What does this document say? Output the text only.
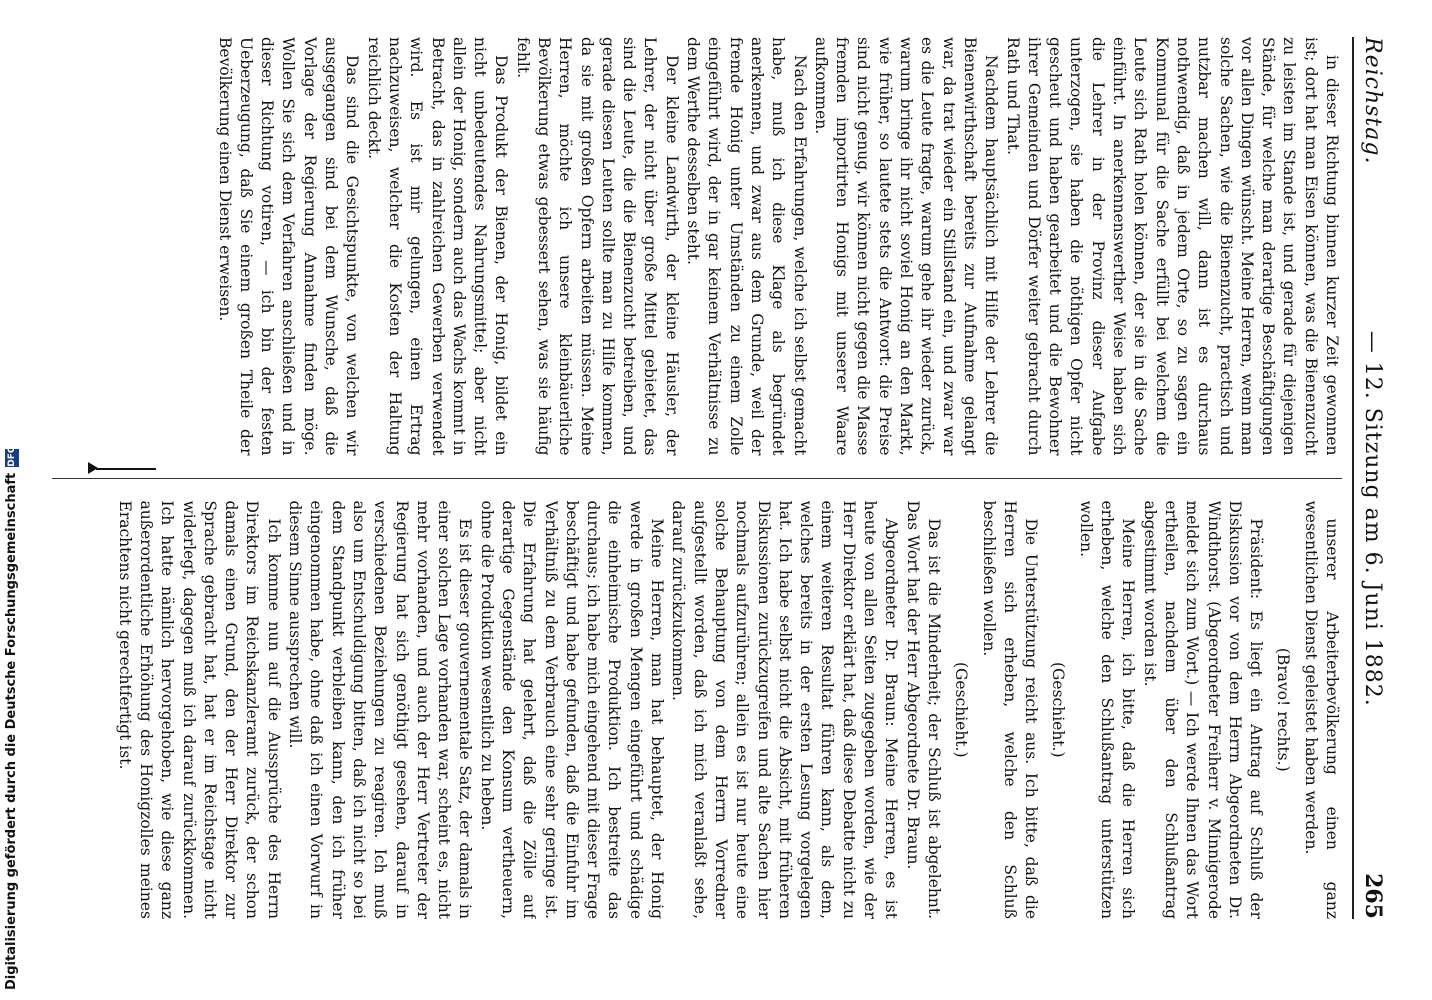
Reichstag.
— 12. Sitzung am 6. Juni 1882.
265

in dieser Richtung binnen kurzer Zeit gewonnen ist; dort hat man Eisen können, was die Bienenzucht zu leisten im Stande ist, und gerade für diejenigen Stände, für welche man derartige Beschäftigungen vor allen Dingen wünscht. Meine Herren, wenn man solche Sachen, wie die Bienenzucht, practisch und nutzbar machen will, dann ist es durchaus nothwendig, daß in jedem Orte, so zu sagen ein Kommunal für die Sache erfüllt bei welchem die Leute sich Rath holen können, der sie in die Sache einführt. In anerkennenswerther Weise haben sich die Lehrer in der Provinz dieser Aufgabe unterzogen, sie haben die nöthigen Opfer nicht gescheut und haben gearbeitet und die Bewohner ihrer Gemeinden und Dörfer weiter gebracht durch Rath und That.

Nachdem hauptsächlich mit Hilfe der Lehrer die Bienenwirthschaft bereits zur Aufnahme gelangt war, da trat wieder ein Stillstand ein, und zwar war es die Leute fragte, warum gehe ihr wieder zurück, warum bringe ihr nicht soviel Honig an den Markt, wie früher, so lautete stets die Antwort: die Preise sind nicht genug, wir können nicht gegen die Masse fremden importirten Honigs mit unserer Waare aufkommen.

Nach den Erfahrungen, welche ich selbst gemacht habe, muß ich diese Klage als begründet anerkennen, und zwar aus dem Grunde, weil der fremde Honig unter Umständen zu einem Zolle eingeführt wird, der in gar keinem Verhältnisse zu dem Werthe desselben steht.

Der kleine Landwirth, der kleine Häusler, der Lehrer, der nicht über große Mittel gebietet, das sind die Leute, die die Bienenzucht betreiben, und gerade diesen Leuten sollte man zu Hilfe kommen, da sie mit großen Opfern arbeiten müssen. Meine Herren, möchte ich unsere kleinbäuerliche Bevölkerung etwas gebessert sehen, was sie häufig fehlt.

Das Produkt der Bienen, der Honig, bildet ein nicht unbedeutendes Nahrungsmittel; aber nicht allein der Honig, sondern auch das Wachs kommt in Betracht, das in zahlreichen Gewerben verwendet wird. Es ist mir gelungen, einen Ertrag nachzuweisen, welcher die Kosten der Haltung reichlich deckt.

Das sind die Gesichtspunkte, von welchen wir ausgegangen sind bei dem Wunsche, daß die Vorlage der Regierung Annahme finden möge. Wollen Sie sich dem Verfahren anschließen und in dieser Richtung votiren, — ich bin der festen Ueberzeugung, daß Sie einem großen Theile der Bevölkerung einen Dienst erweisen.

unserer Arbeiterbevölkerung einen ganz wesentlichen Dienst geleistet haben werden.

(Bravo! rechts.)

Präsident: Es liegt ein Antrag auf Schluß der Diskussion vor von dem Herrn Abgeordneten Dr. Windthorst. (Abgeordneter Freiherr v. Minnigerode meldet sich zum Wort.) — Ich werde Ihnen das Wort ertheilen, nachdem über den Schlußantrag abgestimmt worden ist.

Meine Herren, ich bitte, daß die Herren sich erheben, welche den Schlußantrag unterstützen wollen.

(Geschieht.)

Die Unterstützung reicht aus. Ich bitte, daß die Herren sich erheben, welche den Schluß beschließen wollen.

(Geschieht.)

Das ist die Minderheit; der Schluß ist abgelehnt. Das Wort hat der Herr Abgeordnete Dr. Braun.

Abgeordneter Dr. Braun: Meine Herren, es ist heute von allen Seiten zugegeben worden, wie der Herr Direktor erklärt hat, daß diese Debatte nicht zu einem weiteren Resultat führen kann, als dem, welches bereits in der ersten Lesung vorgelegen hat. Ich habe selbst nicht die Absicht, mit früheren Diskussionen zurückzugreifen und alte Sachen hier nochmals aufzurühren; allein es ist nur heute eine solche Behauptung von dem Herrn Vorredner aufgestellt worden, daß ich mich veranlaßt sehe, darauf zurückzukommen.

Meine Herren, man hat behauptet, der Honig werde in großen Mengen eingeführt und schädige die einheimische Produktion. Ich bestreite das durchaus; ich habe mich eingehend mit dieser Frage beschäftigt und habe gefunden, daß die Einfuhr im Verhältniß zu dem Verbrauch eine sehr geringe ist. Die Erfahrung hat gelehrt, daß die Zölle auf derartige Gegenstände den Konsum vertheuern, ohne die Produktion wesentlich zu heben.

Es ist dieser gouvernementale Satz, der damals in einer solchen Lage vorhanden war, scheint es, nicht mehr vorhanden, und auch der Herr Vertreter der Regierung hat sich genöthigt gesehen, darauf in verschiedenen Beziehungen zu reagiren. Ich muß also um Entschuldigung bitten, daß ich nicht so bei dem Standpunkt verbleiben kann, den ich früher eingenommen habe, ohne daß ich einen Vorwurf in diesem Sinne aussprechen will.

Ich komme nun auf die Aussprüche des Herrn Direktors im Reichskanzleramt zurück, der schon damals einen Grund, den der Herr Direktor zur Sprache gebracht hat, hat er im Reichstage nicht widerlegt, dagegen muß ich darauf zurückkommen. Ich hatte nämlich hervorgehoben, wie diese ganz außerordentliche Erhöhung des Honigzolles meines Erachtens nicht gerechtfertigt ist.

Digitalisierung gefördert durch die Deutsche Forschungsgemeinschaft
DFG
